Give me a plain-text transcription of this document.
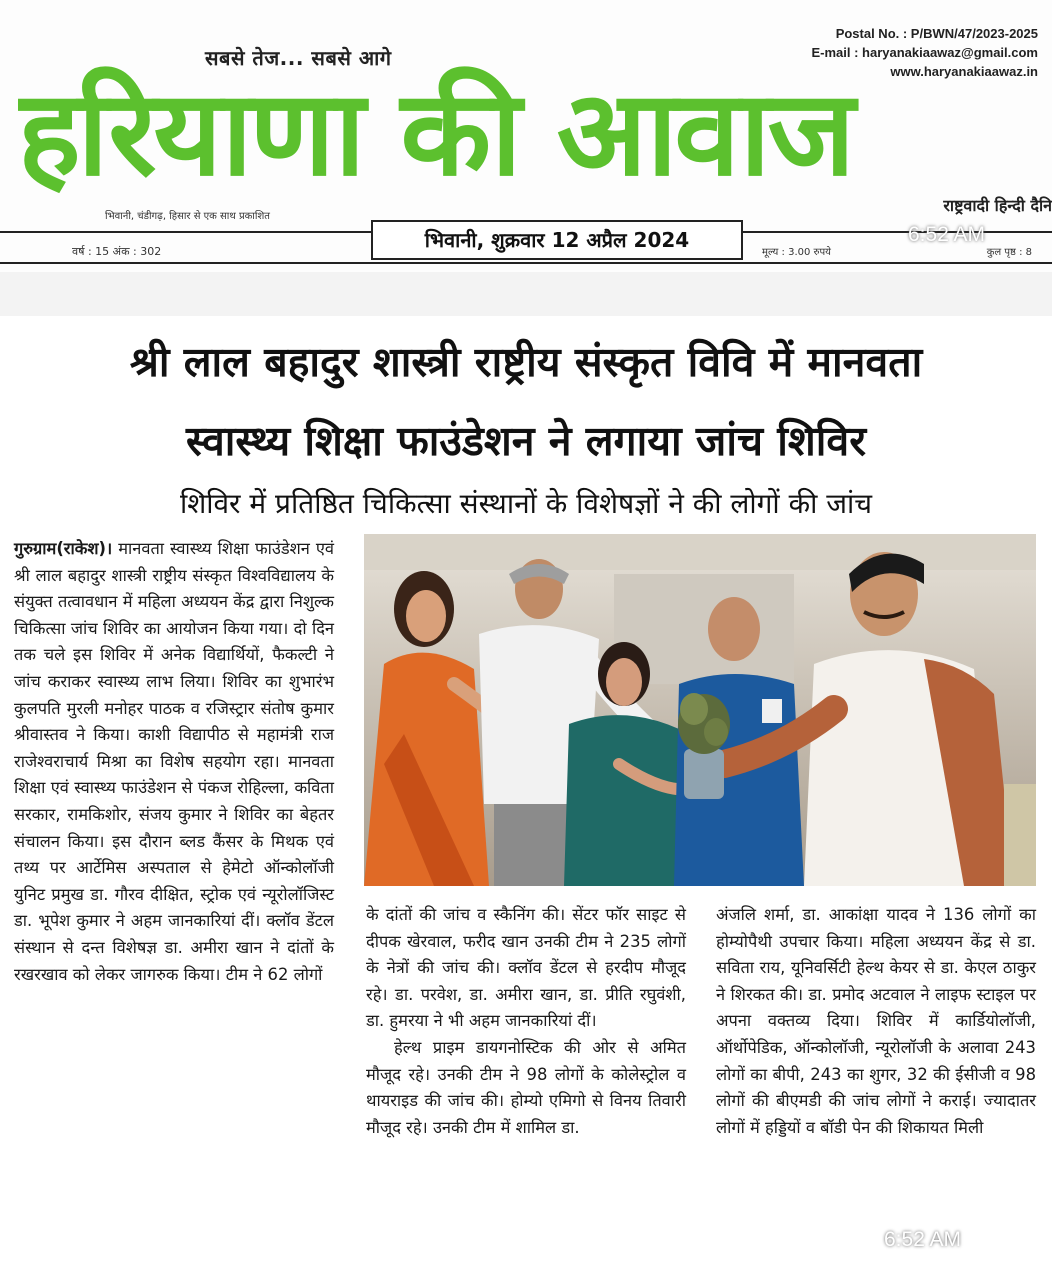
सबसे तेज... सबसे आगे
हरियाणा की आवाज
Postal No. : P/BWN/47/2023-2025
E-mail : haryanakiaawaz@gmail.com
www.haryanakiaawaz.in
राष्ट्रवादी हिन्दी दैनि
भिवानी, चंडीगढ़, हिसार से एक साथ प्रकाशित
वर्ष : 15 अंक : 302	भिवानी, शुक्रवार 12 अप्रैल 2024
मूल्य : 3.00 रुपये	कुल पृष्ठ : 8
6:52 AM
श्री लाल बहादुर शास्त्री राष्ट्रीय संस्कृत विवि में मानवता
स्वास्थ्य शिक्षा फाउंडेशन ने लगाया जांच शिविर
शिविर में प्रतिष्ठित चिकित्सा संस्थानों के विशेषज्ञों ने की लोगों की जांच

गुरुग्राम(राकेश)। मानवता स्वास्थ्य शिक्षा फाउंडेशन एवं श्री लाल बहादुर शास्त्री राष्ट्रीय संस्कृत विश्वविद्यालय के संयुक्त तत्वावधान में महिला अध्ययन केंद्र द्वारा निशुल्क चिकित्सा जांच शिविर का आयोजन किया गया। दो दिन तक चले इस शिविर में अनेक विद्यार्थियों, फैकल्टी ने जांच कराकर स्वास्थ्य लाभ लिया। शिविर का शुभारंभ कुलपति मुरली मनोहर पाठक व रजिस्ट्रार संतोष कुमार श्रीवास्तव ने किया। काशी विद्यापीठ से महामंत्री राज राजेश्वराचार्य मिश्रा का विशेष सहयोग रहा। मानवता शिक्षा एवं स्वास्थ्य फाउंडेशन से पंकज रोहिल्ला, कविता सरकार, रामकिशोर, संजय कुमार ने शिविर का बेहतर संचालन किया। इस दौरान ब्लड कैंसर के मिथक एवं तथ्य पर आर्टेमिस अस्पताल से हेमेटो ऑन्कोलॉजी युनिट प्रमुख डा. गौरव दीक्षित, स्ट्रोक एवं न्यूरोलॉजिस्ट डा. भूपेश कुमार ने अहम जानकारियां दीं। क्लॉव डेंटल संस्थान से दन्त विशेषज्ञ डा. अमीरा खान ने दांतों के रखरखाव को लेकर जागरुक किया। टीम ने 62 लोगों

के दांतों की जांच व स्कैनिंग की। सेंटर फॉर साइट से दीपक खेरवाल, फरीद खान उनकी टीम ने 235 लोगों के नेत्रों की जांच की। क्लॉव डेंटल से हरदीप मौजूद रहे। डा. परवेश, डा. अमीरा खान, डा. प्रीति रघुवंशी, डा. हुमरया ने भी अहम जानकारियां दीं।
हेल्थ प्राइम डायगनोस्टिक की ओर से अमित मौजूद रहे। उनकी टीम ने 98 लोगों के कोलेस्ट्रोल व थायराइड की जांच की। होम्यो एमिगो से विनय तिवारी मौजूद रहे। उनकी टीम में शामिल डा.

अंजलि शर्मा, डा. आकांक्षा यादव ने 136 लोगों का होम्योपैथी उपचार किया। महिला अध्ययन केंद्र से डा. सविता राय, यूनिवर्सिटी हेल्थ केयर से डा. केएल ठाकुर ने शिरकत की। डा. प्रमोद अटवाल ने लाइफ स्टाइल पर अपना वक्तव्य दिया। शिविर में कार्डियोलॉजी, ऑर्थोपेडिक, ऑन्कोलॉजी, न्यूरोलॉजी के अलावा 243 लोगों का बीपी, 243 का शुगर, 32 की ईसीजी व 98 लोगों की बीएमडी की जांच लोगों ने कराई। ज्यादातर लोगों में हड्डियों व बॉडी पेन की शिकायत मिली

6:52 AM
